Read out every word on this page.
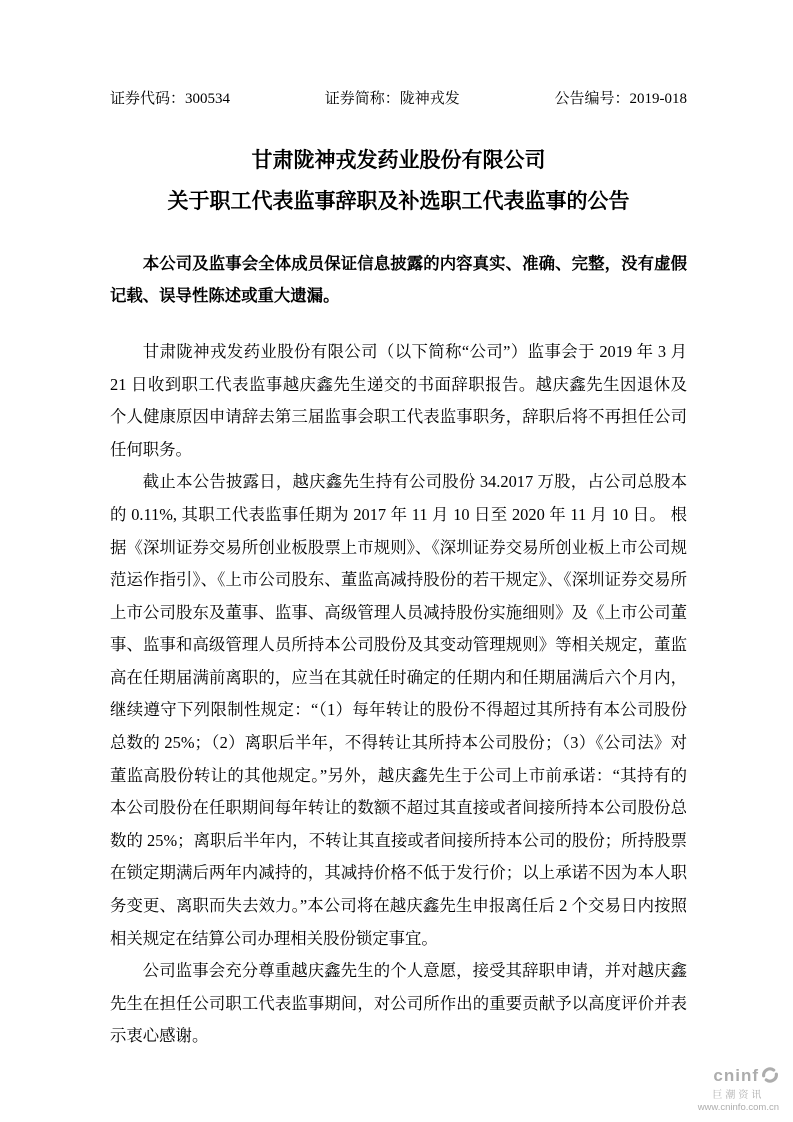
证券代码：300534	证券简称：陇神戎发	公告编号：2019-018
甘肃陇神戎发药业股份有限公司
关于职工代表监事辞职及补选职工代表监事的公告

本公司及监事会全体成员保证信息披露的内容真实、准确、完整，没有虚假记载、误导性陈述或重大遗漏。

甘肃陇神戎发药业股份有限公司（以下简称“公司”）监事会于 2019 年 3 月 21 日收到职工代表监事越庆鑫先生递交的书面辞职报告。越庆鑫先生因退休及个人健康原因申请辞去第三届监事会职工代表监事职务，辞职后将不再担任公司任何职务。

截止本公告披露日，越庆鑫先生持有公司股份 34.2017 万股，占公司总股本的 0.11%, 其职工代表监事任期为 2017 年 11 月 10 日至 2020 年 11 月 10 日。 根据《深圳证券交易所创业板股票上市规则》、《深圳证券交易所创业板上市公司规范运作指引》、《上市公司股东、董监高减持股份的若干规定》、《深圳证券交易所上市公司股东及董事、监事、高级管理人员减持股份实施细则》及《上市公司董事、监事和高级管理人员所持本公司股份及其变动管理规则》等相关规定，董监高在任期届满前离职的，应当在其就任时确定的任期内和任期届满后六个月内，继续遵守下列限制性规定：“（1）每年转让的股份不得超过其所持有本公司股份总数的 25%；（2）离职后半年，不得转让其所持本公司股份；（3）《公司法》对董监高股份转让的其他规定。”另外，越庆鑫先生于公司上市前承诺：“其持有的本公司股份在任职期间每年转让的数额不超过其直接或者间接所持本公司股份总数的 25%；离职后半年内，不转让其直接或者间接所持本公司的股份；所持股票在锁定期满后两年内减持的，其减持价格不低于发行价；以上承诺不因为本人职务变更、离职而失去效力。”本公司将在越庆鑫先生申报离任后 2 个交易日内按照相关规定在结算公司办理相关股份锁定事宜。

公司监事会充分尊重越庆鑫先生的个人意愿，接受其辞职申请，并对越庆鑫先生在担任公司职工代表监事期间，对公司所作出的重要贡献予以高度评价并表示衷心感谢。

cninf
巨潮资讯
www.cninfo.com.cn
